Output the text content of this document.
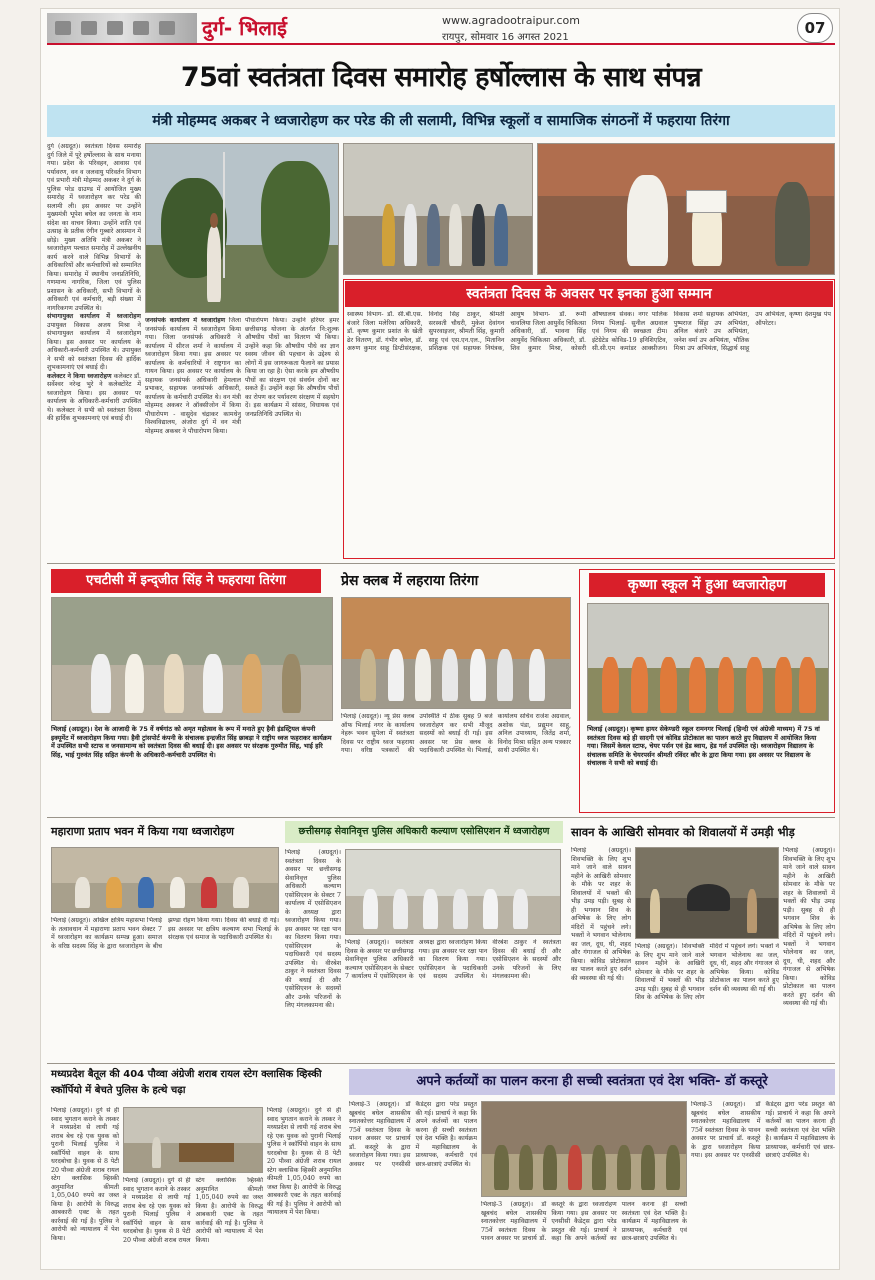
दुर्ग- भिलाई	www.agradootraipur.com
रायपुर, सोमवार 16 अगस्त 2021
07
75वां स्वतंत्रता दिवस समारोह हर्षोल्लास के साथ संपन्न
मंत्री मोहम्मद अकबर ने ध्वजारोहण कर परेड की ली सलामी, विभिन्न स्कूलों व सामाजिक संगठनों में फहराया तिरंगा
दुर्ग (अग्रदूत)। स्वतंत्रता दिवस समारोह दुर्ग जिले में पूरे हर्षोल्लास के साथ मनाया गया। प्रदेश के परिवहन, आवास एवं पर्यावरण, वन व जलवायु परिवर्तन विभाग एवं प्रभारी मंत्री मोहम्मद अकबर ने दुर्ग के पुलिस परेड ग्राउण्ड में आयोजित मुख्य समारोह में ध्वजारोहण कर परेड की सलामी ली। इस अवसर पर उन्होंने मुख्यमंत्री भूपेश बघेल का जनता के नाम संदेश का वाचन किया। उन्होंने शांति एवं उत्साह के प्रतीक रंगीन गुब्बारे आसमान में छोड़े। मुख्य अतिथि मंत्री अकबर ने ध्वजारोहण पश्चात समारोह में उल्लेखनीय कार्य करने वाले विभिन्न विभागों के अधिकारियों और कर्मचारियों को सम्मानित किया। समारोह में स्थानीय जनप्रतिनिधि, गणमान्य नागरिक, जिला एवं पुलिस प्रशासन के अधिकारी, सभी विभागों के अधिकारी एवं कर्मचारी, बड़ी संख्या में नागरिकगण उपस्थित थे।
संभागायुक्त कार्यालय में ध्वजारोहण उपायुक्त विकास अजय मिश्रा ने संभागायुक्त कार्यालय में ध्वजारोहण किया। इस अवसर पर कार्यालय के अधिकारी-कर्मचारी उपस्थित थे। उपायुक्त ने सभी को स्वतंत्रता दिवस की हार्दिक शुभकामनाएं एवं बधाई दी।
कलेक्टर ने किया ध्वजारोहण कलेक्टर डॉ. सर्वेश्वर नरेन्द्र भुरे ने कलेक्टोरेट में ध्वजारोहण किया। इस अवसर पर कार्यालय के अधिकारी-कर्मचारी उपस्थित थे। कलेक्टर ने सभी को स्वतंत्रता दिवस की हार्दिक शुभकामनाएं एवं बधाई दी।
स्वतंत्रता दिवस के अवसर पर इनका हुआ सम्मान
जनसंपर्क कार्यालय में ध्वजारोहण जिला जनसंपर्क कार्यालय में ध्वजारोहण किया गया। जिला जनसंपर्क अधिकारी ने कार्यालय में सीरज शर्मा ने कार्यालय में ध्वजारोहण किया गया। इस अवसर पर कार्यालय के कर्मचारियों ने राष्ट्रगान का गायन किया। इस अवसर पर कार्यालय के सहायक जनसंपर्क अधिकारी हेमलाल प्रभाकर, सहायक जनसंपर्क अधिकारी, कार्यालय के कर्मचारी उपस्थित थे। वन मंत्री मोहम्मद अकबर ने ऑक्सीजोन में किया पौधारोपण - वासुदेव चंद्राकर कामधेनु विश्वविद्यालय, अंजोरा दुर्ग में वन मंत्री मोहम्मद अकबर ने पौधारोपण किया।
पौधारोपण किया। उन्होंने हरियर हमर छत्तीसगढ़ योजना के अंतर्गत नि:शुल्क औषधीय पौधों का वितरण भी किया। उन्होंने कहा कि औषधीय पौधे का ज्ञान स्वस्थ जीवन की पहचान के उद्देश्य से लोगों में इस जागरूकता फैलाने का प्रयास किया जा रहा है। ऐसा करके हम औषधीय पौधों का संरक्षण एवं संवर्धन दोनों कर सकते हैं। उन्होंने कहा कि औषधीय पौधों का रोपण कर पर्यावरण संरक्षण में सहयोग दें। इस कार्यक्रम में सांसद, विधायक एवं जनप्रतिनिधि उपस्थित थे।
स्वास्थ्य विभाग- डॉ. सी.बी.एस. बंजारे जिला मलेरिया अधिकारी, डॉ. कृष्ण कुमार प्रशांत के खेती ढेर वितरण, डॉ. गंभीर बघेल, डॉ. अरुण कुमार साहू डिप्टीसंरक्षक, विनोद सिंह ठाकुर, श्रीमती सरस्वती चौधरी, मुकेश देवांगन सुपरवाइजर, श्रीमती सिंह, कुमारी साहू एवं एस.एन.एल., मितानिन प्रशिक्षक एवं सहायक नियंत्रक, आयुष विभाग- डॉ. रूमी चावलिया जिला आयुर्वेद चिकित्सा अधिकारी, डॉ. भावना सिंह आयुर्वेद चिकित्सा अधिकारी, डॉ. शिव कुमार मिश्रा, कोसरी औषधालय सेवक। नगर पालिक निगम भिलाई- सुनील अग्रवाल एवं निगम की स्वच्छता टीम। इंटेग्रेटेड कोविड-19 इनिशिएटिव, सी.सी.एम कमांडर आक्सीजन। विकास शर्मा सहायक अभियंता, पुष्पराज सिंहा उप अभियंता, अनिल बंजारे उप अभियंता, जनेश वर्मा उप अभियंता, भौतिक मिश्रा उप अभियंता, सिद्धार्थ साहू उप अभियंता, कृष्णा देशमुख पंप ऑपरेटर।
एचटीसी में इन्द्जीत सिंह ने फहराया तिरंगा
भिलाई (अग्रदूत)। देश के आजादी के 75 वें वर्षगांठ को अमृत महोत्सव के रूप में मनाते हुए हैवी इंडस्ट्रियल कंपनी इक्यूमेंट में ध्वजारोहण किया गया। हैवी ट्रांसपोर्ट कंपनी के संचालक इन्द्रजीत सिंह छाबड़ा ने राष्ट्रीय ध्वज फहराकर कार्यक्रम में उपस्थित सभी स्टाफ व जनसामान्य को स्वतंत्रता दिवस की बधाई दी। इस अवसर पर संरक्षक गुरुमीत सिंह, भाई हरि सिंह, भाई गुरुवंत सिंह सहित कंपनी के अधिकारी-कर्मचारी उपस्थित थे।
प्रेस क्लब में लहराया तिरंगा
भिलाई (अग्रदूत)। न्यू प्रेस क्लब ऑफ भिलाई नगर के कार्यालय नेहरू भवन सुपेला में स्वतंत्रता दिवस पर राष्ट्रीय ध्वज फहराया गया। वरिष्ठ पत्रकारों की उपस्थिति में ठीक सुबह 9 बजे ध्वजारोहण कर सभी मौजूद सदस्यों को बधाई दी गई। इस अवसर पर प्रेस क्लब के पदाधिकारी उपस्थित थे। भिलाई, कार्यालय सचिव राजेश अग्रवाल, अशोक पंडा, प्रद्युमन साहू, अनिल उपाध्याय, जितेंद्र शर्मा, विनोद मिश्रा सहित अन्य पत्रकार साथी उपस्थित थे।
कृष्णा स्कूल में हुआ ध्वजारोहण
भिलाई (अग्रदूत)। कृष्णा हायर सेकेण्डरी स्कूल रामनगर भिलाई (हिन्दी एवं अंग्रेजी माध्यम) में 75 वां स्वतंत्रता दिवस बड़े ही सादगी एवं कोविड प्रोटोकाल का पालन करते हुए विद्यालय में आयोजित किया गया। जिसमें केवल स्टाफ, चेयर पर्सन एवं हेड ब्वाय, हेड गर्ल उपस्थित रहे। ध्वजारोहण विद्यालय के संचालक समिति के चेयरपर्सन श्रीमती रविंदर कौर के द्वारा किया गया। इस अवसर पर विद्यालय के संचालक ने सभी को बधाई दी।
महाराणा प्रताप भवन में किया गया ध्वजारोहण
भिलाई (अग्रदूत)। अखिल क्षत्रिय महासभा भिलाई के तत्वावधान में महाराणा प्रताप भवन सेक्टर 7 में ध्वजारोहण का कार्यक्रम सम्पन्न हुआ। समाज के वरिष्ठ सदस्य सिंह के द्वारा ध्वजारोहण के बीच झण्डा रोहण किया गया। दिवस की बधाई दी गई। इस अवसर पर क्षत्रिय कल्याण सभा भिलाई के संरक्षक एवं समाज के पदाधिकारी उपस्थित थे।
छत्तीसगढ़ सेवानिवृत्त पुलिस अधिकारी कल्याण एसोसिएशन में ध्वजारोहण
भिलाई (अग्रदूत)। स्वतंत्रता दिवस के अवसर पर छत्तीसगढ़ सेवानिवृत्त पुलिस अधिकारी कल्याण एसोसिएशन के सेक्टर 7 कार्यालय में एसोसिएशन के अध्यक्ष द्वारा ध्वजारोहण किया गया। इस अवसर पर रक्षा पान का वितरण किया गया। एसोसिएशन के पदाधिकारी एवं सदस्य उपस्थित थे। वीरबेश ठाकुर ने स्वतंत्रता दिवस की बधाई दी और एसोसिएशन के सदस्यों और उनके परिजनों के लिए मंगलकामना की।
भिलाई (अग्रदूत)। स्वतंत्रता दिवस के अवसर पर छत्तीसगढ़ सेवानिवृत्त पुलिस अधिकारी कल्याण एसोसिएशन के सेक्टर 7 कार्यालय में एसोसिएशन के अध्यक्ष द्वारा ध्वजारोहण किया गया। इस अवसर पर रक्षा पान का वितरण किया गया। एसोसिएशन के पदाधिकारी एवं सदस्य उपस्थित थे। वीरबेश ठाकुर ने स्वतंत्रता दिवस की बधाई दी और एसोसिएशन के सदस्यों और उनके परिजनों के लिए मंगलकामना की।
सावन के आखिरी सोमवार को शिवालयों में उमड़ी भीड़
भिलाई (अग्रदूत)। शिवभक्ति के लिए शुभ माने जाने वाले सावन महीने के आखिरी सोमवार के मौके पर शहर के शिवालयों में भक्तों की भीड़ उमड़ पड़ी। सुबह से ही भगवान शिव के अभिषेक के लिए लोग मंदिरों में पहुंचने लगे। भक्तों ने भगवान भोलेनाथ का जल, दूध, घी, शहद और गंगाजल से अभिषेक किया। कोविड प्रोटोकाल का पालन करते हुए दर्शन की व्यवस्था की गई थी।
भिलाई (अग्रदूत)। शिवभक्ति के लिए शुभ माने जाने वाले सावन महीने के आखिरी सोमवार के मौके पर शहर के शिवालयों में भक्तों की भीड़ उमड़ पड़ी। सुबह से ही भगवान शिव के अभिषेक के लिए लोग मंदिरों में पहुंचने लगे। भक्तों ने भगवान भोलेनाथ का जल, दूध, घी, शहद और गंगाजल से अभिषेक किया। कोविड प्रोटोकाल का पालन करते हुए दर्शन की व्यवस्था की गई थी।
भिलाई (अग्रदूत)। शिवभक्ति के लिए शुभ माने जाने वाले सावन महीने के आखिरी सोमवार के मौके पर शहर के शिवालयों में भक्तों की भीड़ उमड़ पड़ी। सुबह से ही भगवान शिव के अभिषेक के लिए लोग मंदिरों में पहुंचने लगे। भक्तों ने भगवान भोलेनाथ का जल, दूध, घी, शहद और गंगाजल से अभिषेक किया। कोविड प्रोटोकाल का पालन करते हुए दर्शन की व्यवस्था की गई थी।
मध्यप्रदेश बैतूल की 404 पौव्वा अंग्रेजी शराब रायल स्टेग क्लासिक व्हिस्की स्कॉर्पियो में बेचते पुलिस के हत्थे चढ़ा
भिलाई (अग्रदूत)। दुर्ग से ही स्वाद भुगतान कराने के तस्कर ने मध्यप्रदेश से लायी गई शराब बेच रहे एक युवक को पुरानी भिलाई पुलिस ने स्कॉर्पियो वाहन के साथ धरदबोचा है। युवक से 8 पेटी 20 पौव्वा अंग्रेजी शराब रायल स्टेग क्लासिक व्हिस्की अनुमानित कीमती 1,05,040 रुपये का जब्त किया है। आरोपी के विरुद्ध आबकारी एक्ट के तहत कार्रवाई की गई है। पुलिस ने आरोपी को न्यायालय में पेश किया।
भिलाई (अग्रदूत)। दुर्ग से ही स्वाद भुगतान कराने के तस्कर ने मध्यप्रदेश से लायी गई शराब बेच रहे एक युवक को पुरानी भिलाई पुलिस ने स्कॉर्पियो वाहन के साथ धरदबोचा है। युवक से 8 पेटी 20 पौव्वा अंग्रेजी शराब रायल स्टेग क्लासिक व्हिस्की अनुमानित कीमती 1,05,040 रुपये का जब्त किया है। आरोपी के विरुद्ध आबकारी एक्ट के तहत कार्रवाई की गई है। पुलिस ने आरोपी को न्यायालय में पेश किया।
भिलाई (अग्रदूत)। दुर्ग से ही स्वाद भुगतान कराने के तस्कर ने मध्यप्रदेश से लायी गई शराब बेच रहे एक युवक को पुरानी भिलाई पुलिस ने स्कॉर्पियो वाहन के साथ धरदबोचा है। युवक से 8 पेटी 20 पौव्वा अंग्रेजी शराब रायल स्टेग क्लासिक व्हिस्की अनुमानित कीमती 1,05,040 रुपये का जब्त किया है। आरोपी के विरुद्ध आबकारी एक्ट के तहत कार्रवाई की गई है। पुलिस ने आरोपी को न्यायालय में पेश किया।
अपने कर्तव्यों का पालन करना ही सच्ची स्वतंत्रता एवं देश भक्ति- डॉ कस्तूरे
भिलाई-3 (अग्रदूत)। डॉ खूबचंद बघेल शासकीय स्नातकोत्तर महाविद्यालय में 75वें स्वतंत्रता दिवस के पावन अवसर पर प्राचार्य डॉ. कस्तूरे के द्वारा ध्वजारोहण किया गया। इस अवसर पर एनसीसी कैडेट्स द्वारा परेड प्रस्तुत की गई। प्राचार्य ने कहा कि अपने कर्तव्यों का पालन करना ही सच्ची स्वतंत्रता एवं देश भक्ति है। कार्यक्रम में महाविद्यालय के प्राध्यापक, कर्मचारी एवं छात्र-छात्राएं उपस्थित थे।
भिलाई-3 (अग्रदूत)। डॉ खूबचंद बघेल शासकीय स्नातकोत्तर महाविद्यालय में 75वें स्वतंत्रता दिवस के पावन अवसर पर प्राचार्य डॉ. कस्तूरे के द्वारा ध्वजारोहण किया गया। इस अवसर पर एनसीसी कैडेट्स द्वारा परेड प्रस्तुत की गई। प्राचार्य ने कहा कि अपने कर्तव्यों का पालन करना ही सच्ची स्वतंत्रता एवं देश भक्ति है। कार्यक्रम में महाविद्यालय के प्राध्यापक, कर्मचारी एवं छात्र-छात्राएं उपस्थित थे।
भिलाई-3 (अग्रदूत)। डॉ खूबचंद बघेल शासकीय स्नातकोत्तर महाविद्यालय में 75वें स्वतंत्रता दिवस के पावन अवसर पर प्राचार्य डॉ. कस्तूरे के द्वारा ध्वजारोहण किया गया। इस अवसर पर एनसीसी कैडेट्स द्वारा परेड प्रस्तुत की गई। प्राचार्य ने कहा कि अपने कर्तव्यों का पालन करना ही सच्ची स्वतंत्रता एवं देश भक्ति है। कार्यक्रम में महाविद्यालय के प्राध्यापक, कर्मचारी एवं छात्र-छात्राएं उपस्थित थे।
